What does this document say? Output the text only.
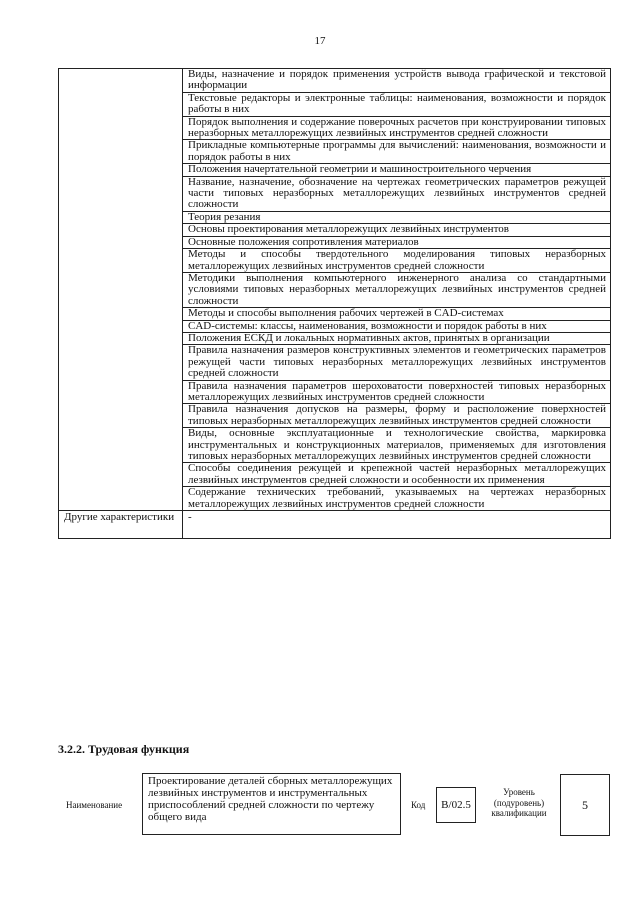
17
	Виды, назначение и порядок применения устройств вывода графической и текстовой информации
	Текстовые редакторы и электронные таблицы: наименования, возможности и порядок работы в них
	Порядок выполнения и содержание поверочных расчетов при конструировании типовых неразборных металлорежущих лезвийных инструментов средней сложности
	Прикладные компьютерные программы для вычислений: наименования, возможности и порядок работы в них
	Положения начертательной геометрии и машиностроительного черчения
	Название, назначение, обозначение на чертежах геометрических параметров режущей части типовых неразборных металлорежущих лезвийных инструментов средней сложности
	Теория резания
	Основы проектирования металлорежущих лезвийных инструментов
	Основные положения сопротивления материалов
	Методы и способы твердотельного моделирования типовых неразборных металлорежущих лезвийных инструментов средней сложности
	Методики выполнения компьютерного инженерного анализа со стандартными условиями типовых неразборных металлорежущих лезвийных инструментов средней сложности
	Методы и способы выполнения рабочих чертежей в CAD-системах
	CAD-системы: классы, наименования, возможности и порядок работы в них
	Положения ЕСКД и локальных нормативных актов, принятых в организации
	Правила назначения размеров конструктивных элементов и геометрических параметров режущей части типовых неразборных металлорежущих лезвийных инструментов средней сложности
	Правила назначения параметров шероховатости поверхностей типовых неразборных металлорежущих лезвийных инструментов средней сложности
	Правила назначения допусков на размеры, форму и расположение поверхностей типовых неразборных металлорежущих лезвийных инструментов средней сложности
	Виды, основные эксплуатационные и технологические свойства, маркировка инструментальных и конструкционных материалов, применяемых для изготовления типовых неразборных металлорежущих лезвийных инструментов средней сложности
	Способы соединения режущей и крепежной частей неразборных металлорежущих лезвийных инструментов средней сложности и особенности их применения
	Содержание технических требований, указываемых на чертежах неразборных металлорежущих лезвийных инструментов средней сложности
Другие характеристики	-
3.2.2. Трудовая функция
Наименование
Проектирование деталей сборных металлорежущих лезвийных инструментов и инструментальных приспособлений средней сложности по чертежу общего вида
Код	B/02.5
Уровень (подуровень) квалификации
5
